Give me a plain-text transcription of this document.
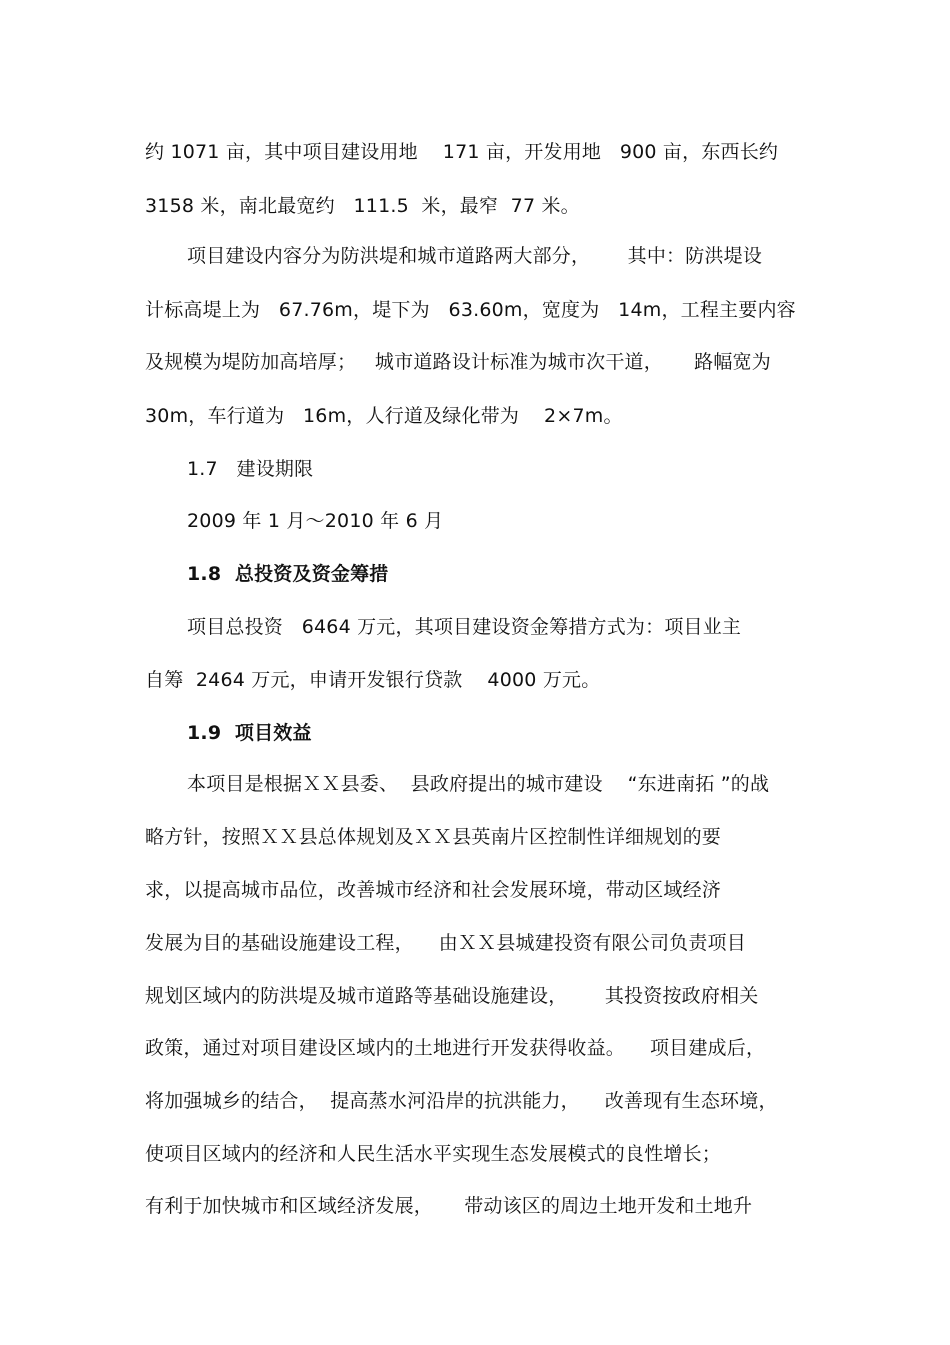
约 1071 亩，其中项目建设用地    171 亩，开发用地   900 亩，东西长约
3158 米，南北最宽约   111.5  米，最窄  77 米。
项目建设内容分为防洪堤和城市道路两大部分，      其中：防洪堤设
计标高堤上为   67.76m，堤下为   63.60m，宽度为   14m，工程主要内容
及规模为堤防加高培厚；   城市道路设计标准为城市次干道，     路幅宽为
30m，车行道为   16m，人行道及绿化带为    2×7m。
1.7   建设期限
2009 年 1 月～2010 年 6 月
1.8  总投资及资金筹措
项目总投资   6464 万元，其项目建设资金筹措方式为：项目业主
自筹  2464 万元，申请开发银行贷款    4000 万元。
1.9  项目效益
本项目是根据ＸＸ县委、  县政府提出的城市建设    “东进南拓 ”的战
略方针，按照ＸＸ县总体规划及ＸＸ县英南片区控制性详细规划的要
求，以提高城市品位，改善城市经济和社会发展环境，带动区域经济
发展为目的基础设施建设工程，    由ＸＸ县城建投资有限公司负责项目
规划区域内的防洪堤及城市道路等基础设施建设，      其投资按政府相关
政策，通过对项目建设区域内的土地进行开发获得收益。    项目建成后，
将加强城乡的结合，  提高蒸水河沿岸的抗洪能力，    改善现有生态环境，
使项目区域内的经济和人民生活水平实现生态发展模式的良性增长；
有利于加快城市和区域经济发展，     带动该区的周边土地开发和土地升
